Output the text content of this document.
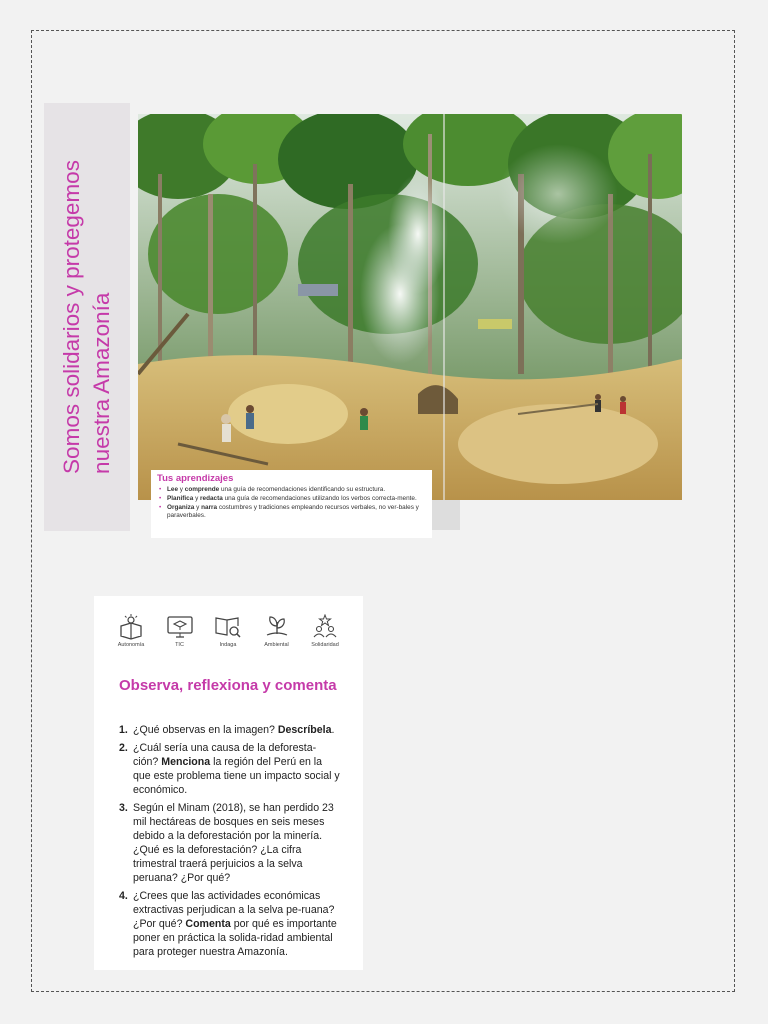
Somos solidarios y protegemos nuestra Amazonía
Tus aprendizajes
• Lee y comprende una guía de recomendaciones identificando su estructura.
• Planifica y redacta una guía de recomendaciones utilizando los verbos correcta-mente.
• Organiza y narra costumbres y tradiciones empleando recursos verbales, no ver-bales y paraverbales.
Autonomía	TIC	Indaga	Ambiental	Solidaridad
Observa, reflexiona y comenta
1. ¿Qué observas en la imagen? Descríbela.
2. ¿Cuál sería una causa de la deforesta-ción? Menciona la región del Perú en la que este problema tiene un impacto social y económico.
3. Según el Minam (2018), se han perdido 23 mil hectáreas de bosques en seis meses debido a la deforestación por la minería. ¿Qué es la deforestación? ¿La cifra trimestral traerá perjuicios a la selva peruana? ¿Por qué?
4. ¿Crees que las actividades económicas extractivas perjudican a la selva pe-ruana? ¿Por qué? Comenta por qué es importante poner en práctica la solida-ridad ambiental para proteger nuestra Amazonía.
